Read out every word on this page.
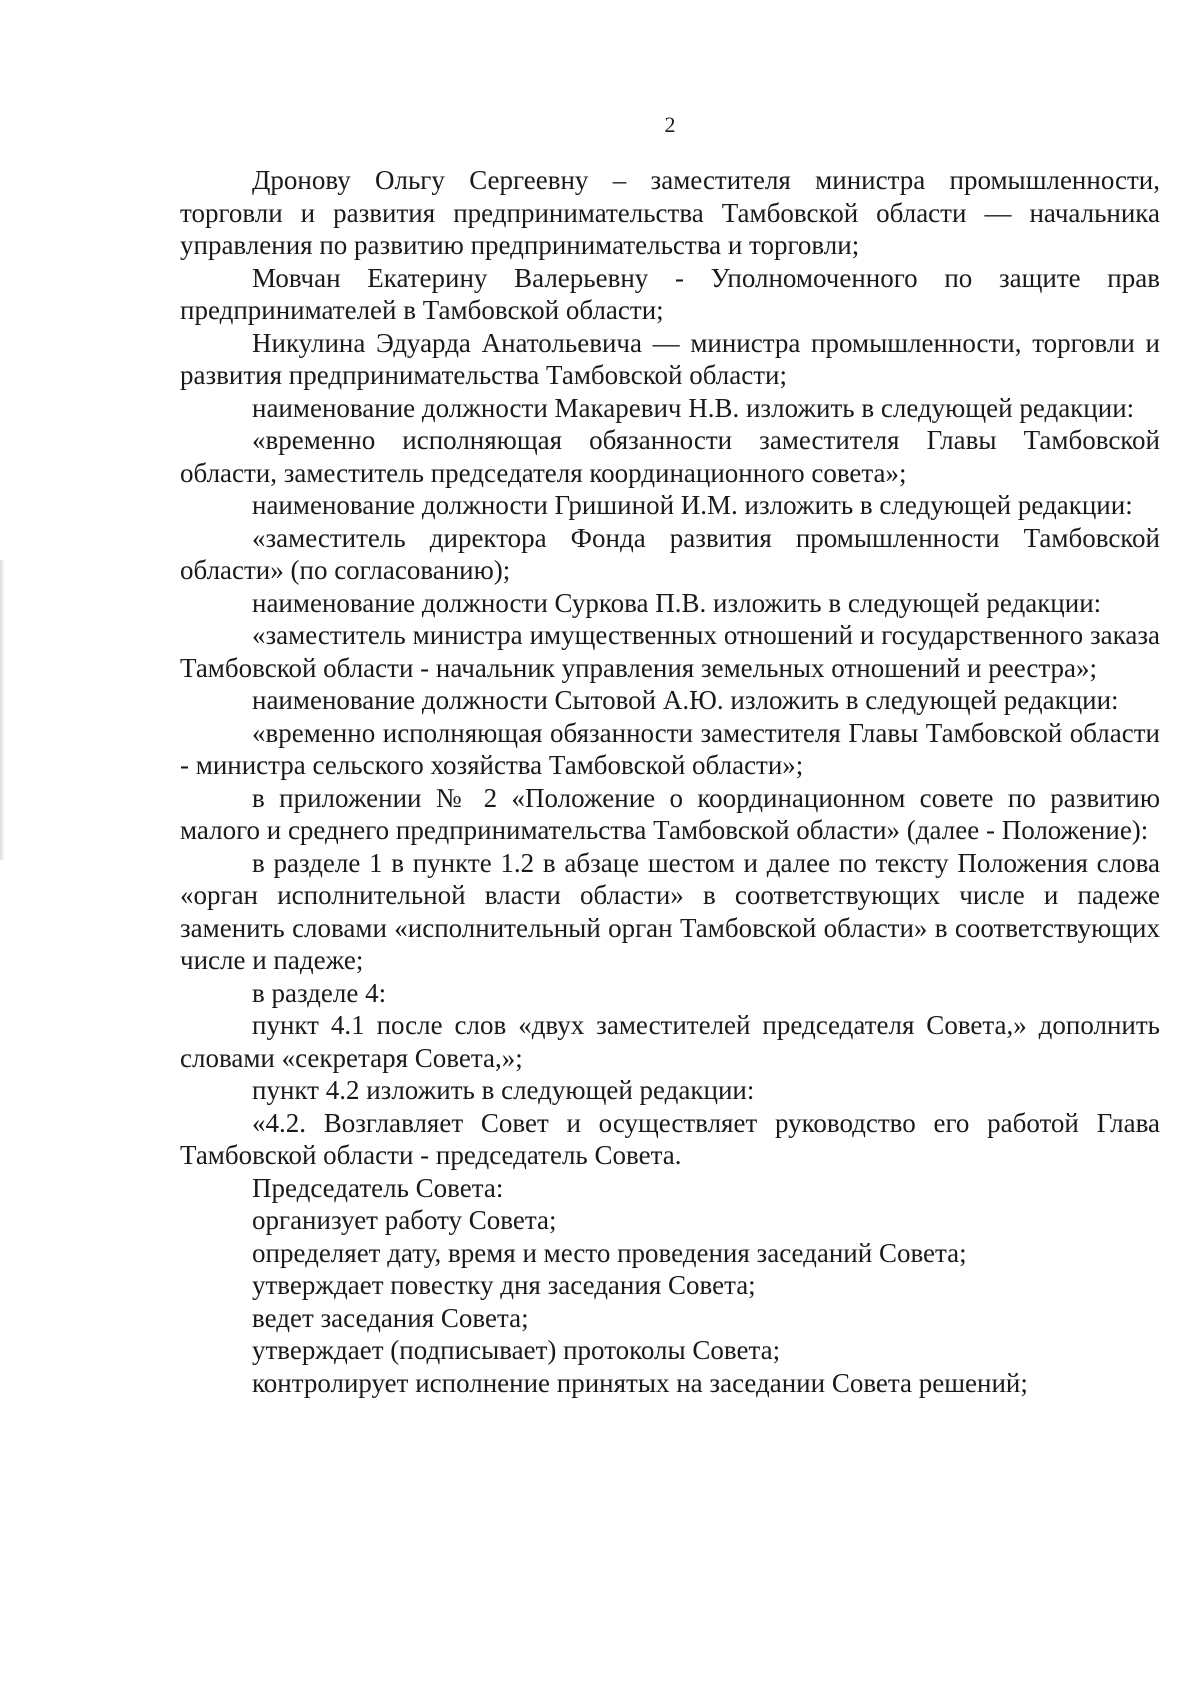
2

Дронову Ольгу Сергеевну – заместителя министра промышленности, торговли и развития предпринимательства Тамбовской области — начальника управления по развитию предпринимательства и торговли;

Мовчан Екатерину Валерьевну - Уполномоченного по защите прав предпринимателей в Тамбовской области;

Никулина Эдуарда Анатольевича — министра промышленности, торговли и развития предпринимательства Тамбовской области;

наименование должности Макаревич Н.В. изложить в следующей редакции:

«временно исполняющая обязанности заместителя Главы Тамбовской области, заместитель председателя координационного совета»;

наименование должности Гришиной И.М. изложить в следующей редакции:

«заместитель директора Фонда развития промышленности Тамбовской области» (по согласованию);

наименование должности Суркова П.В. изложить в следующей редакции:

«заместитель министра имущественных отношений и государственного заказа Тамбовской области - начальник управления земельных отношений и реестра»;

наименование должности Сытовой А.Ю. изложить в следующей редакции:

«временно исполняющая обязанности заместителя Главы Тамбовской области - министра сельского хозяйства Тамбовской области»;

в приложении № 2 «Положение о координационном совете по развитию малого и среднего предпринимательства Тамбовской области» (далее - Положение):

в разделе 1 в пункте 1.2 в абзаце шестом и далее по тексту Положения слова «орган исполнительной власти области» в соответствующих числе и падеже заменить словами «исполнительный орган Тамбовской области» в соответствующих числе и падеже;

в разделе 4:

пункт 4.1 после слов «двух заместителей председателя Совета,» дополнить словами «секретаря Совета,»;

пункт 4.2 изложить в следующей редакции:

«4.2. Возглавляет Совет и осуществляет руководство его работой Глава Тамбовской области - председатель Совета.

Председатель Совета:

организует работу Совета;

определяет дату, время и место проведения заседаний Совета;

утверждает повестку дня заседания Совета;

ведет заседания Совета;

утверждает (подписывает) протоколы Совета;

контролирует исполнение принятых на заседании Совета решений;
